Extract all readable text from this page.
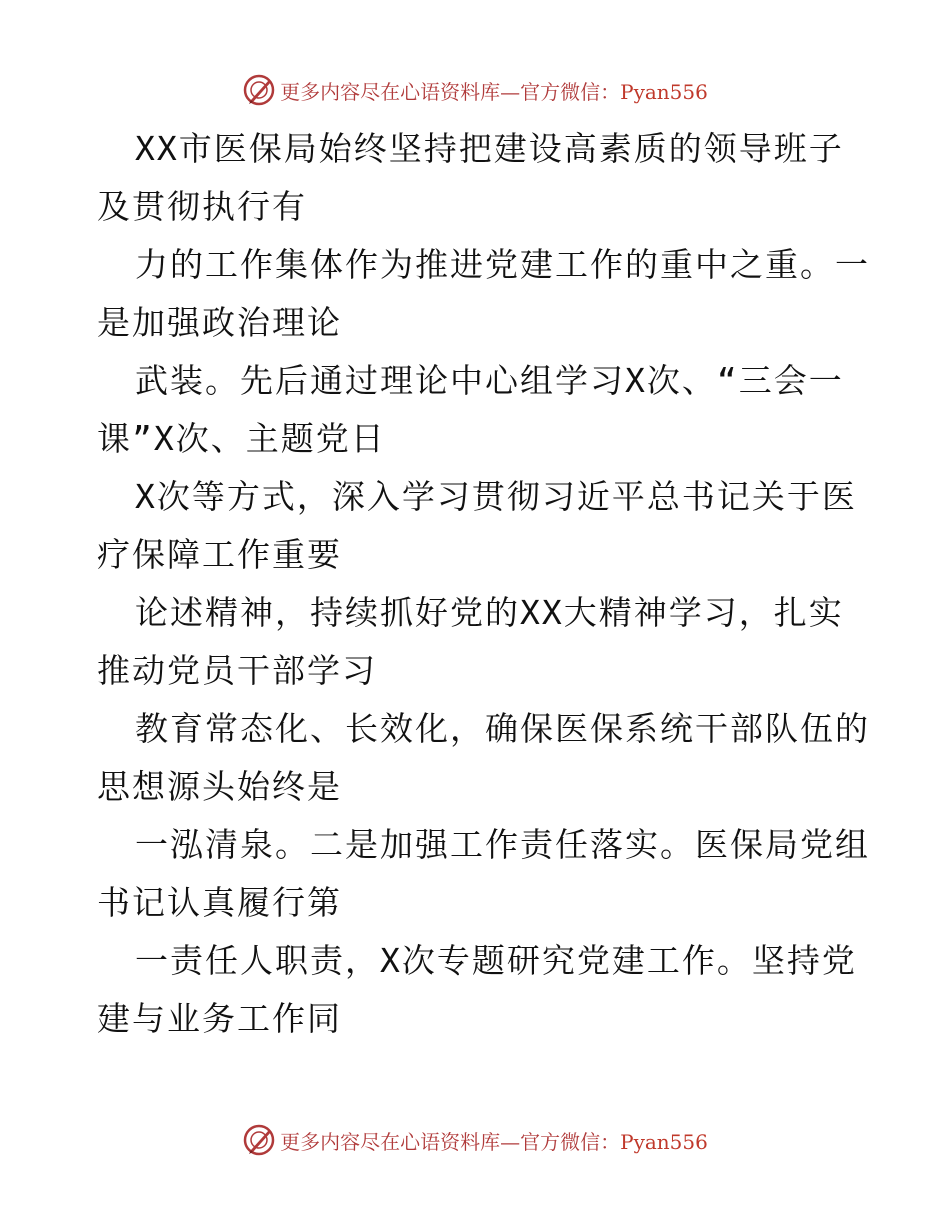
更多内容尽在心语资料库—官方微信：Pyan556
XX市医保局始终坚持把建设高素质的领导班子
及贯彻执行有
力的工作集体作为推进党建工作的重中之重。一
是加强政治理论
武装。先后通过理论中心组学习X次、“三会一
课”X次、主题党日
X次等方式，深入学习贯彻习近平总书记关于医
疗保障工作重要
论述精神，持续抓好党的XX大精神学习，扎实
推动党员干部学习
教育常态化、长效化，确保医保系统干部队伍的
思想源头始终是
一泓清泉。二是加强工作责任落实。医保局党组
书记认真履行第
一责任人职责，X次专题研究党建工作。坚持党
建与业务工作同
更多内容尽在心语资料库—官方微信：Pyan556
